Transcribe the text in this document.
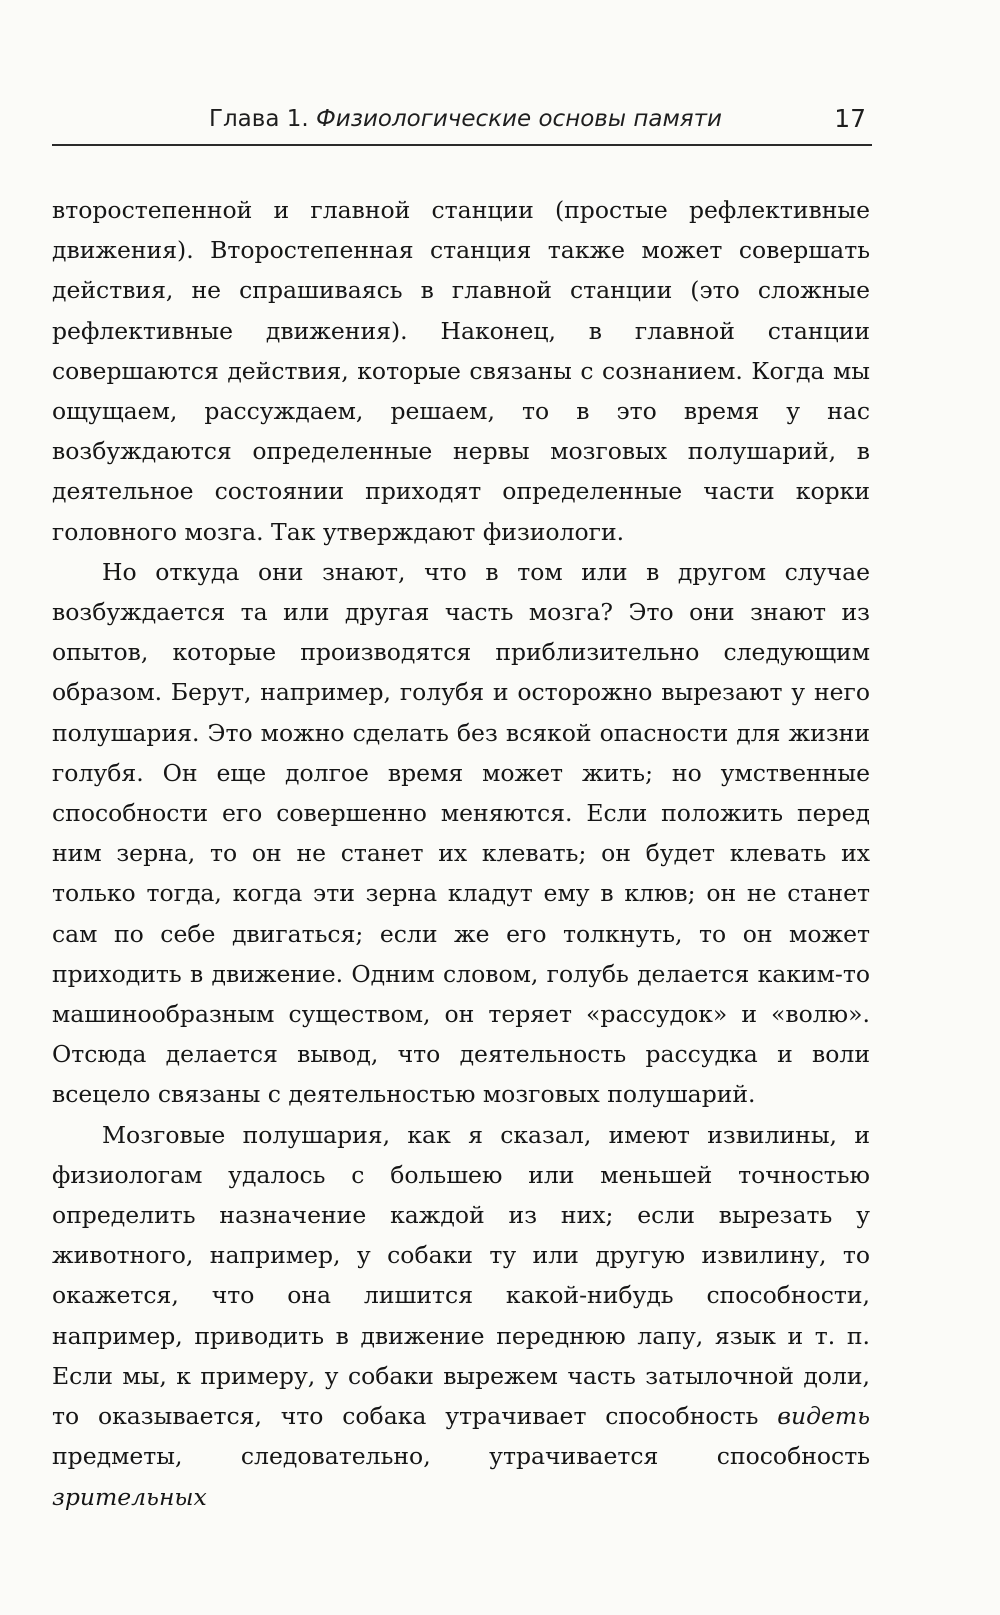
Глава 1. Физиологические основы памяти	17

второстепенной и главной станции (простые рефлективные движения). Второстепенная станция также может совершать действия, не спрашиваясь в главной станции (это сложные рефлективные движения). Наконец, в главной станции совершаются действия, которые связаны с сознанием. Когда мы ощущаем, рассуждаем, решаем, то в это время у нас возбуждаются определенные нервы мозговых полушарий, в деятельное состоянии приходят определенные части корки головного мозга. Так утверждают физиологи.

Но откуда они знают, что в том или в другом случае возбуждается та или другая часть мозга? Это они знают из опытов, которые производятся приблизительно следующим образом. Берут, например, голубя и осторожно вырезают у него полушария. Это можно сделать без всякой опасности для жизни голубя. Он еще долгое время может жить; но умственные способности его совершенно меняются. Если положить перед ним зерна, то он не станет их клевать; он будет клевать их только тогда, когда эти зерна кладут ему в клюв; он не станет сам по себе двигаться; если же его толкнуть, то он может приходить в движение. Одним словом, голубь делается каким-то машинообразным существом, он теряет «рассудок» и «волю». Отсюда делается вывод, что деятельность рассудка и воли всецело связаны с деятельностью мозговых полушарий.

Мозговые полушария, как я сказал, имеют извилины, и физиологам удалось с большею или меньшей точностью определить назначение каждой из них; если вырезать у животного, например, у собаки ту или другую извилину, то окажется, что она лишится какой-нибудь способности, например, приводить в движение переднюю лапу, язык и т. п. Если мы, к примеру, у собаки вырежем часть затылочной доли, то оказывается, что собака утрачивает способность видеть предметы, следовательно, утрачивается способность зрительных
